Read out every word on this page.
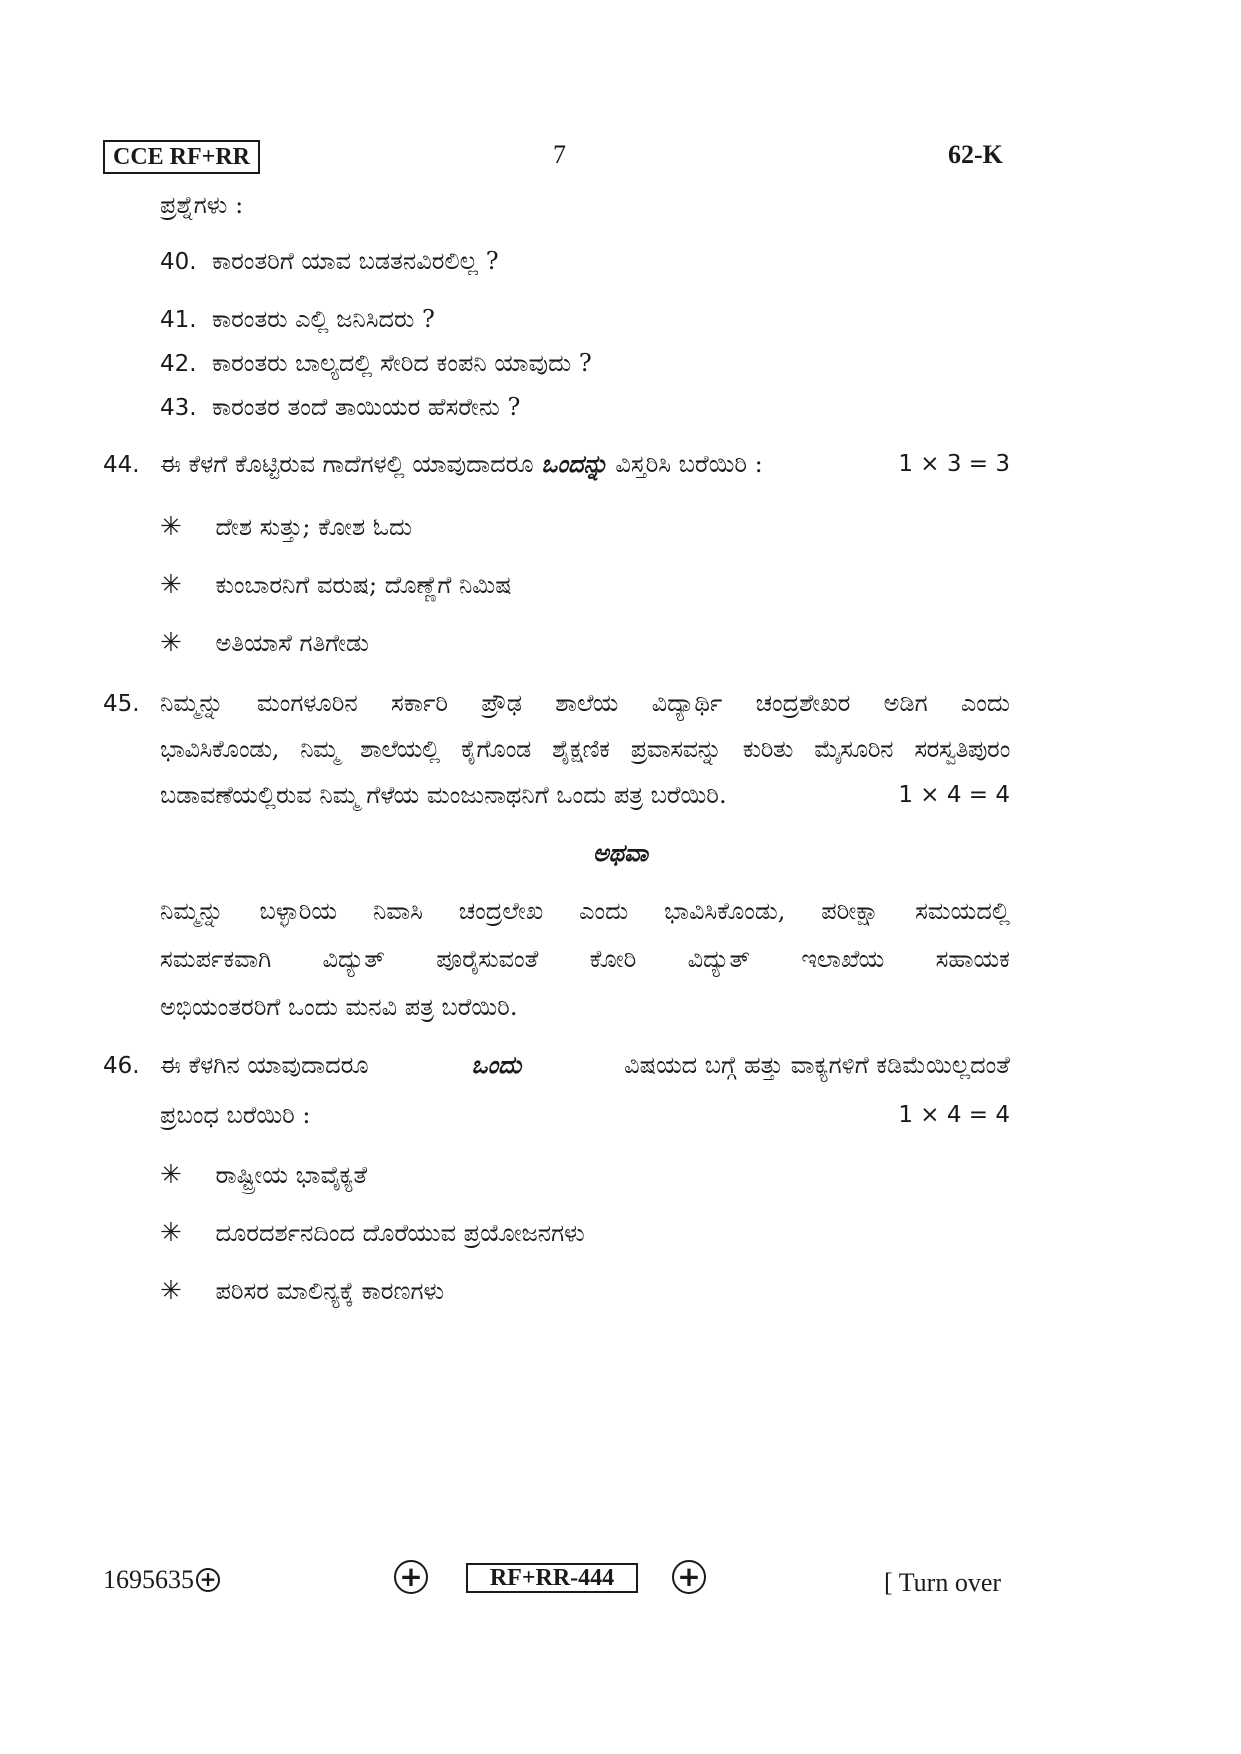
CCE RF+RR	7	62-K
ಪ್ರಶ್ನೆಗಳು :
40. ಕಾರಂತರಿಗೆ ಯಾವ ಬಡತನವಿರಲಿಲ್ಲ ?
41. ಕಾರಂತರು ಎಲ್ಲಿ ಜನಿಸಿದರು ?
42. ಕಾರಂತರು ಬಾಲ್ಯದಲ್ಲಿ ಸೇರಿದ ಕಂಪನಿ ಯಾವುದು ?
43. ಕಾರಂತರ ತಂದೆ ತಾಯಿಯರ ಹೆಸರೇನು ?
44. ಈ ಕೆಳಗೆ ಕೊಟ್ಟಿರುವ ಗಾದೆಗಳಲ್ಲಿ ಯಾವುದಾದರೂ ಒಂದನ್ನು ವಿಸ್ತರಿಸಿ ಬರೆಯಿರಿ :	1 × 3 = 3
✳ ದೇಶ ಸುತ್ತು; ಕೋಶ ಓದು
✳ ಕುಂಬಾರನಿಗೆ ವರುಷ; ದೊಣ್ಣೆಗೆ ನಿಮಿಷ
✳ ಅತಿಯಾಸೆ ಗತಿಗೇಡು
45. ನಿಮ್ಮನ್ನು ಮಂಗಳೂರಿನ ಸರ್ಕಾರಿ ಪ್ರೌಢ ಶಾಲೆಯ ವಿದ್ಯಾರ್ಥಿ ಚಂದ್ರಶೇಖರ ಅಡಿಗ ಎಂದು
ಭಾವಿಸಿಕೊಂಡು, ನಿಮ್ಮ ಶಾಲೆಯಲ್ಲಿ ಕೈಗೊಂಡ ಶೈಕ್ಷಣಿಕ ಪ್ರವಾಸವನ್ನು ಕುರಿತು ಮೈಸೂರಿನ ಸರಸ್ವತಿಪುರಂ
ಬಡಾವಣೆಯಲ್ಲಿರುವ ನಿಮ್ಮ ಗೆಳೆಯ ಮಂಜುನಾಥನಿಗೆ ಒಂದು ಪತ್ರ ಬರೆಯಿರಿ.	1 × 4 = 4
ಅಥವಾ
ನಿಮ್ಮನ್ನು ಬಳ್ಳಾರಿಯ ನಿವಾಸಿ ಚಂದ್ರಲೇಖ ಎಂದು ಭಾವಿಸಿಕೊಂಡು, ಪರೀಕ್ಷಾ ಸಮಯದಲ್ಲಿ
ಸಮರ್ಪಕವಾಗಿ ವಿದ್ಯುತ್ ಪೂರೈಸುವಂತೆ ಕೋರಿ ವಿದ್ಯುತ್ ಇಲಾಖೆಯ ಸಹಾಯಕ
ಅಭಿಯಂತರರಿಗೆ ಒಂದು ಮನವಿ ಪತ್ರ ಬರೆಯಿರಿ.
46. ಈ ಕೆಳಗಿನ ಯಾವುದಾದರೂ	ಒಂದು	ವಿಷಯದ ಬಗ್ಗೆ ಹತ್ತು ವಾಕ್ಯಗಳಿಗೆ ಕಡಿಮೆಯಿಲ್ಲದಂತೆ
ಪ್ರಬಂಧ ಬರೆಯಿರಿ :	1 × 4 = 4
✳ ರಾಷ್ಟ್ರೀಯ ಭಾವೈಕ್ಯತೆ
✳ ದೂರದರ್ಶನದಿಂದ ದೊರೆಯುವ ಪ್ರಯೋಜನಗಳು
✳ ಪರಿಸರ ಮಾಲಿನ್ಯಕ್ಕೆ ಕಾರಣಗಳು
1695635 +	+	RF+RR-444	+	[ Turn over
